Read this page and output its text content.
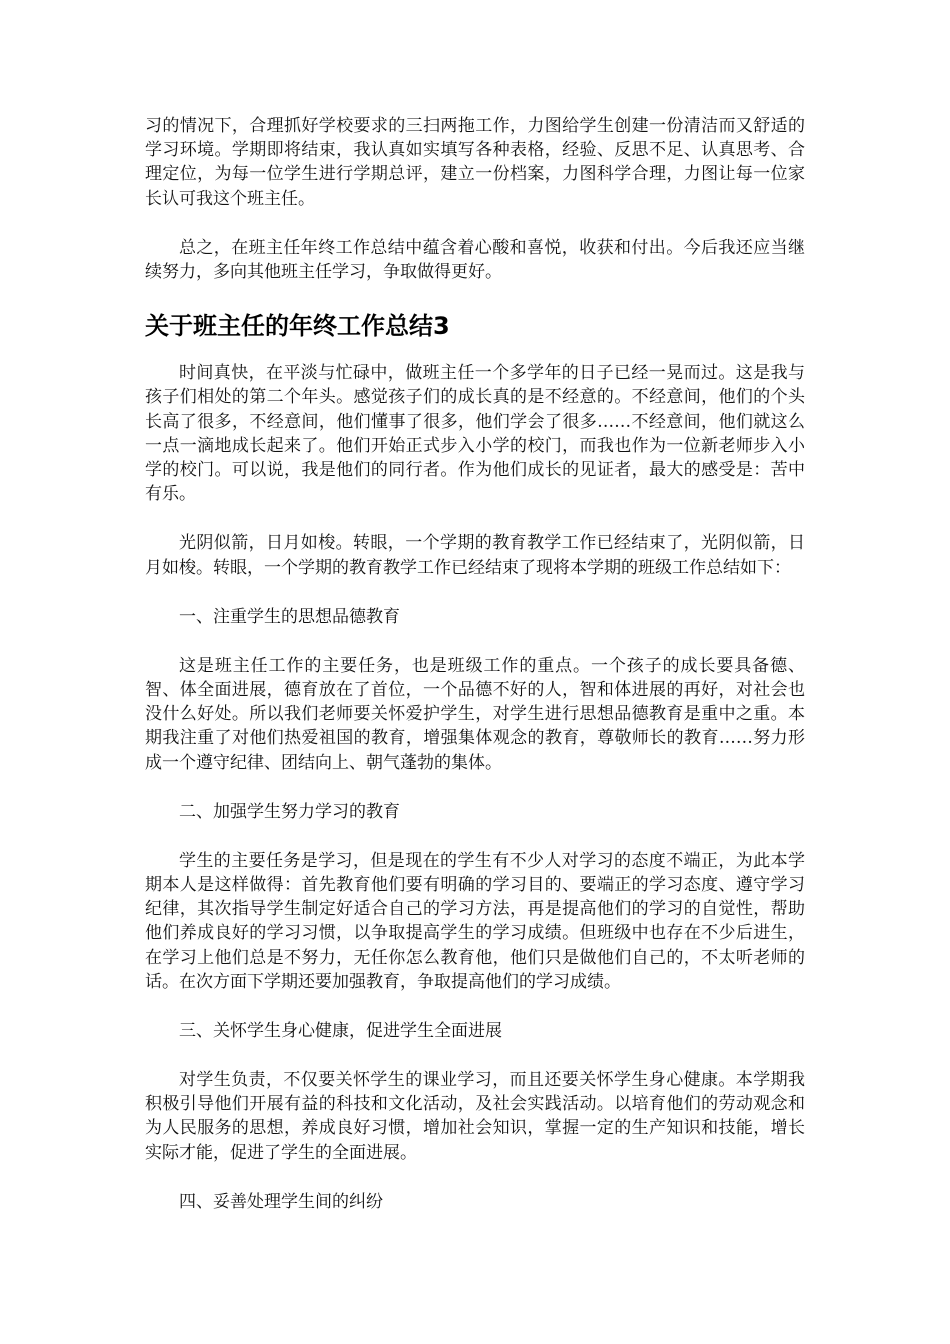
习的情况下，合理抓好学校要求的三扫两拖工作，力图给学生创建一份清洁而又舒适的学习环境。学期即将结束，我认真如实填写各种表格，经验、反思不足、认真思考、合理定位，为每一位学生进行学期总评，建立一份档案，力图科学合理，力图让每一位家长认可我这个班主任。

总之，在班主任年终工作总结中蕴含着心酸和喜悦，收获和付出。今后我还应当继续努力，多向其他班主任学习，争取做得更好。

关于班主任的年终工作总结3

时间真快，在平淡与忙碌中，做班主任一个多学年的日子已经一晃而过。这是我与孩子们相处的第二个年头。感觉孩子们的成长真的是不经意的。不经意间，他们的个头长高了很多，不经意间，他们懂事了很多，他们学会了很多……不经意间，他们就这么一点一滴地成长起来了。他们开始正式步入小学的校门，而我也作为一位新老师步入小学的校门。可以说，我是他们的同行者。作为他们成长的见证者，最大的感受是：苦中有乐。

光阴似箭，日月如梭。转眼，一个学期的教育教学工作已经结束了，光阴似箭，日月如梭。转眼，一个学期的教育教学工作已经结束了现将本学期的班级工作总结如下：

一、注重学生的思想品德教育

这是班主任工作的主要任务，也是班级工作的重点。一个孩子的成长要具备德、智、体全面进展，德育放在了首位，一个品德不好的人，智和体进展的再好，对社会也没什么好处。所以我们老师要关怀爱护学生，对学生进行思想品德教育是重中之重。本期我注重了对他们热爱祖国的教育，增强集体观念的教育，尊敬师长的教育……努力形成一个遵守纪律、团结向上、朝气蓬勃的集体。

二、加强学生努力学习的教育

学生的主要任务是学习，但是现在的学生有不少人对学习的态度不端正，为此本学期本人是这样做得：首先教育他们要有明确的学习目的、要端正的学习态度、遵守学习纪律，其次指导学生制定好适合自己的学习方法，再是提高他们的学习的自觉性，帮助他们养成良好的学习习惯，以争取提高学生的学习成绩。但班级中也存在不少后进生，在学习上他们总是不努力，无任你怎么教育他，他们只是做他们自己的，不太听老师的话。在次方面下学期还要加强教育，争取提高他们的学习成绩。

三、关怀学生身心健康，促进学生全面进展

对学生负责，不仅要关怀学生的课业学习，而且还要关怀学生身心健康。本学期我积极引导他们开展有益的科技和文化活动，及社会实践活动。以培育他们的劳动观念和为人民服务的思想，养成良好习惯，增加社会知识，掌握一定的生产知识和技能，增长实际才能，促进了学生的全面进展。

四、妥善处理学生间的纠纷
